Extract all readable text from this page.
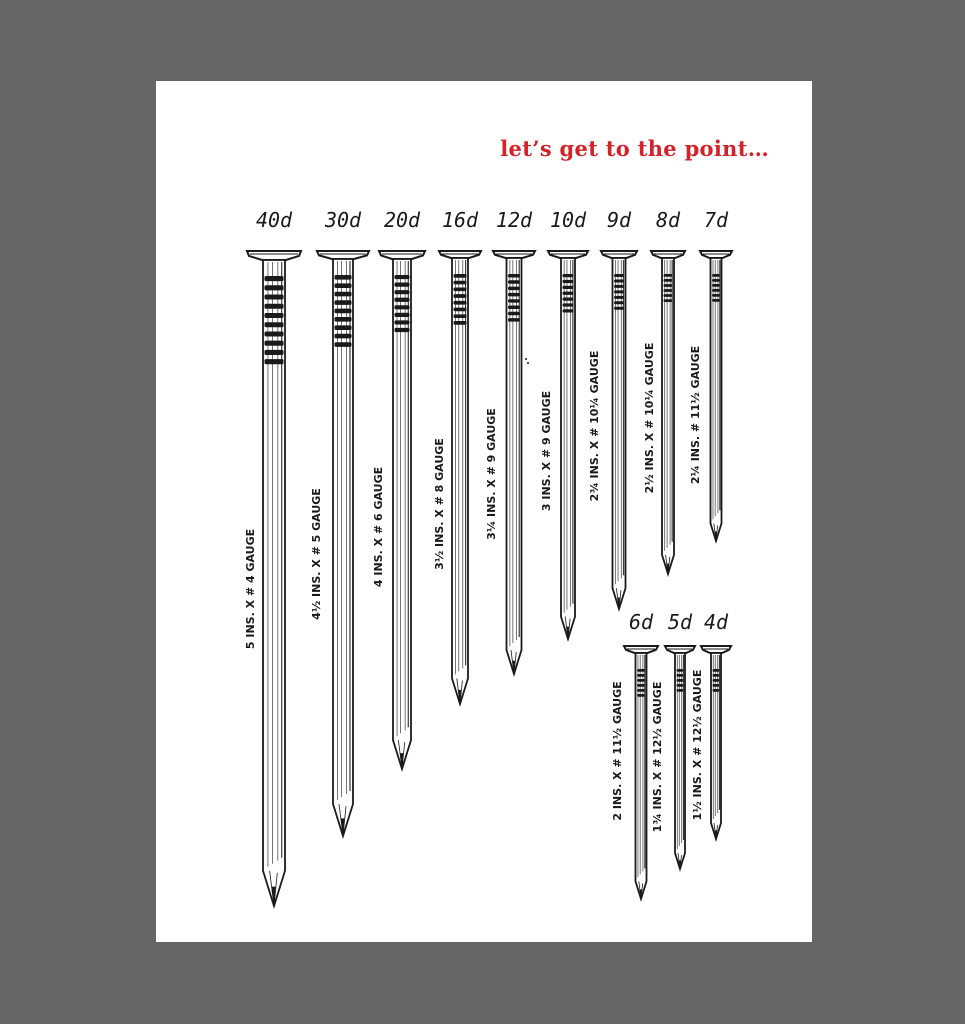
let’s get to the point…
40d
5 INS. X # 4 GAUGE
30d
4½ INS. X # 5 GAUGE
20d
4 INS. X # 6 GAUGE
16d
3½ INS. X # 8 GAUGE
12d
3¼ INS. X # 9 GAUGE
10d
3 INS. X # 9 GAUGE
9d
2¾ INS. X # 10¼ GAUGE
8d
2½ INS. X # 10¼ GAUGE
7d
2¼ INS. # 11½ GAUGE
6d
2 INS. X # 11½ GAUGE
5d
1¾ INS. X # 12½ GAUGE
4d
1½ INS. X # 12½ GAUGE
